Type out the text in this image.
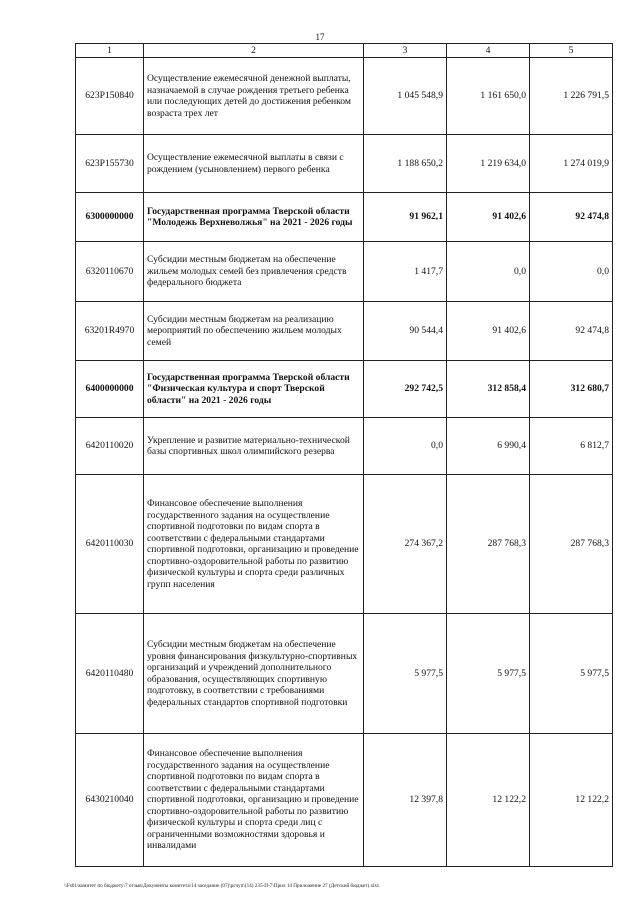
17
1	2	3	4	5
623P150840	Осуществление ежемесячной денежной выплаты, назначаемой в случае рождения третьего ребенка или последующих детей до достижения ребенком возраста трех лет	1 045 548,9	1 161 650,0	1 226 791,5
623P155730	Осуществление ежемесячной выплаты в связи с рождением (усыновлением) первого ребенка	1 188 650,2	1 219 634,0	1 274 019,9
6300000000	Государственная программа Тверской области "Молодежь Верхневолжья" на 2021 - 2026 годы	91 962,1	91 402,6	92 474,8
6320110670	Субсидии местным бюджетам на обеспечение жильем молодых семей без привлечения средств федерального бюджета	1 417,7	0,0	0,0
63201R4970	Субсидии местным бюджетам на реализацию мероприятий по обеспечению жильем молодых семей	90 544,4	91 402,6	92 474,8
6400000000	Государственная программа Тверской области "Физическая культура и спорт Тверской области" на 2021 - 2026 годы	292 742,5	312 858,4	312 680,7
6420110020	Укрепление и развитие материально-технической базы спортивных школ олимпийского резерва	0,0	6 990,4	6 812,7
6420110030	Финансовое обеспечение выполнения государственного задания на осуществление спортивной подготовки по видам спорта в соответствии с федеральными стандартами спортивной подготовки, организацию и проведение спортивно-оздоровительной работы по развитию физической культуры и спорта среди различных групп населения	274 367,2	287 768,3	287 768,3
6420110480	Субсидии местным бюджетам на обеспечение уровня финансирования физкультурно-спортивных организаций и учреждений дополнительного образования, осуществляющих спортивную подготовку, в соответствии с требованиями федеральных стандартов спортивной подготовки	5 977,5	5 977,5	5 977,5
6430210040	Финансовое обеспечение выполнения государственного задания на осуществление спортивной подготовки по видам спорта в соответствии с федеральными стандартами спортивной подготовки, организацию и проведение спортивно-оздоровительной работы по развитию физической культуры и спорта среди лиц с ограниченными возможностями здоровья и инвалидами	12 397,8	12 122,2	12 122,2
\\Fs01\комитет по бюджету\7 отзыв\Документы комитета\14 заседание (07)\ргчуп\(14) 235-П-7\Прил 14 Приложение 27 (Детский бюджет).xlsx
